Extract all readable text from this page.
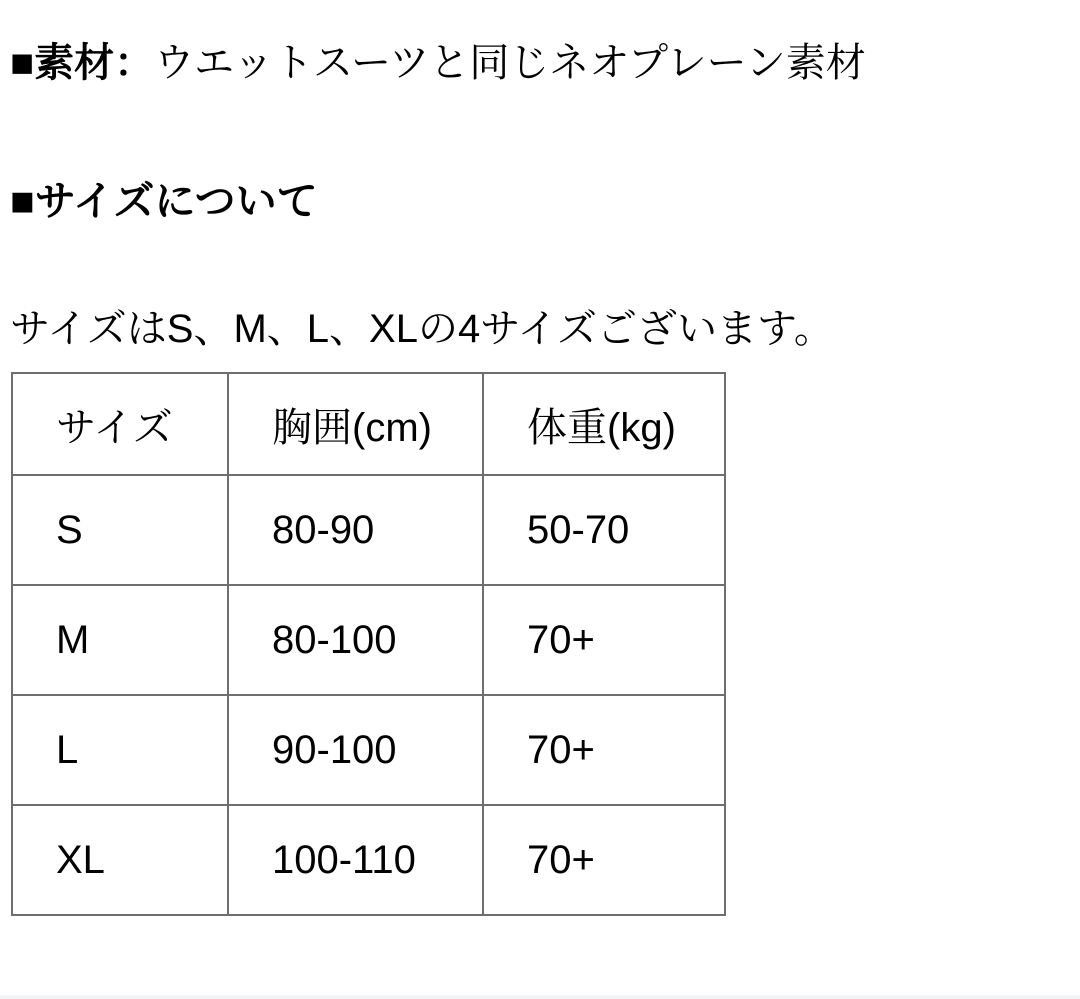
■素材：ウエットスーツと同じネオプレーン素材

■サイズについて

サイズはS、M、L、XLの4サイズございます。

サイズ	胸囲(cm)	体重(kg)
S	80-90	50-70
M	80-100	70+
L	90-100	70+
XL	100-110	70+
